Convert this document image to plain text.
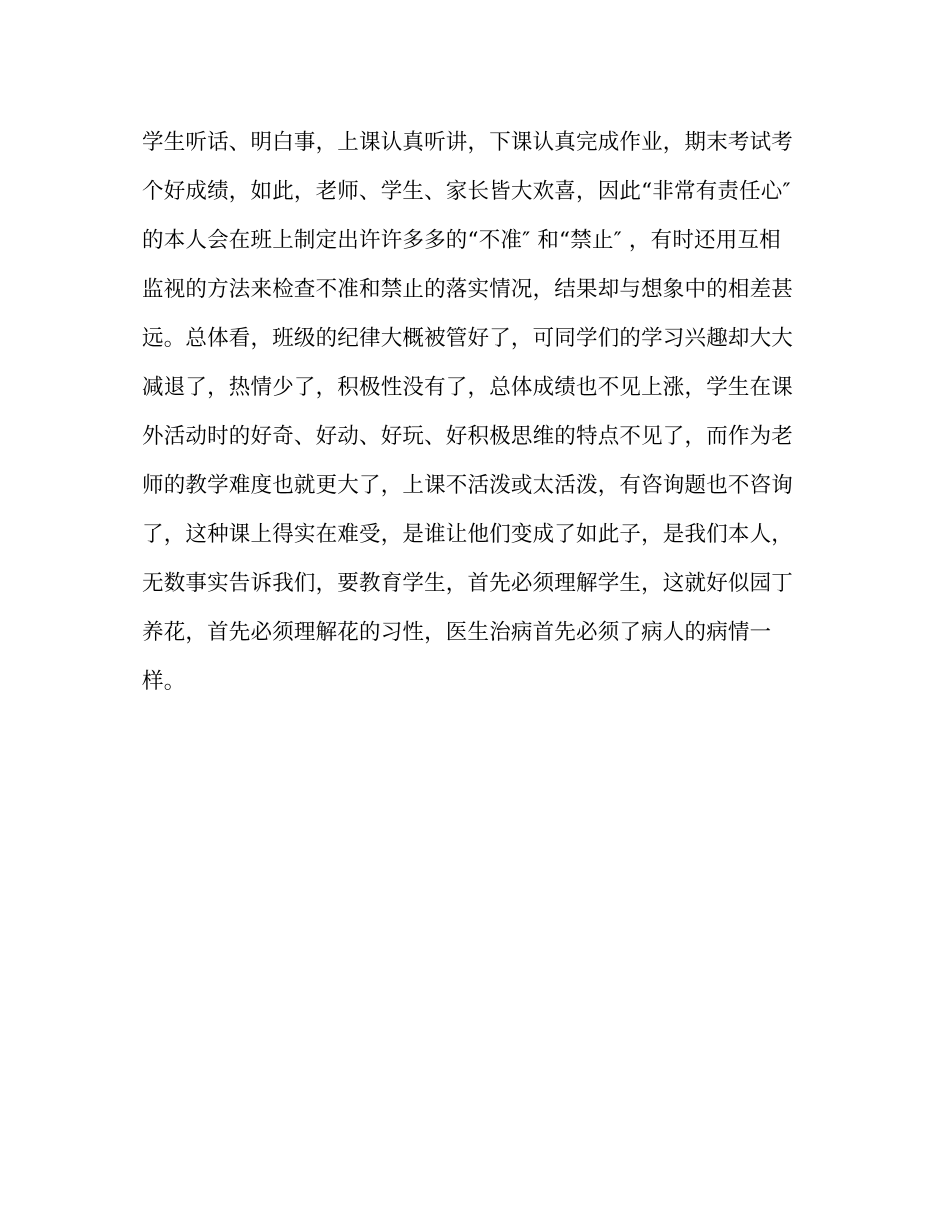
学生听话、明白事，上课认真听讲，下课认真完成作业，期末考试考
个好成绩，如此，老师、学生、家长皆大欢喜，因此“非常有责任心″
的本人会在班上制定出许许多多的“不准″ 和“禁止″ ，有时还用互相
监视的方法来检查不准和禁止的落实情况，结果却与想象中的相差甚
远。总体看，班级的纪律大概被管好了，可同学们的学习兴趣却大大
减退了，热情少了，积极性没有了，总体成绩也不见上涨，学生在课
外活动时的好奇、好动、好玩、好积极思维的特点不见了，而作为老
师的教学难度也就更大了，上课不活泼或太活泼，有咨询题也不咨询
了，这种课上得实在难受，是谁让他们变成了如此子，是我们本人，
无数事实告诉我们，要教育学生，首先必须理解学生，这就好似园丁
养花，首先必须理解花的习性，医生治病首先必须了病人的病情一
样。
